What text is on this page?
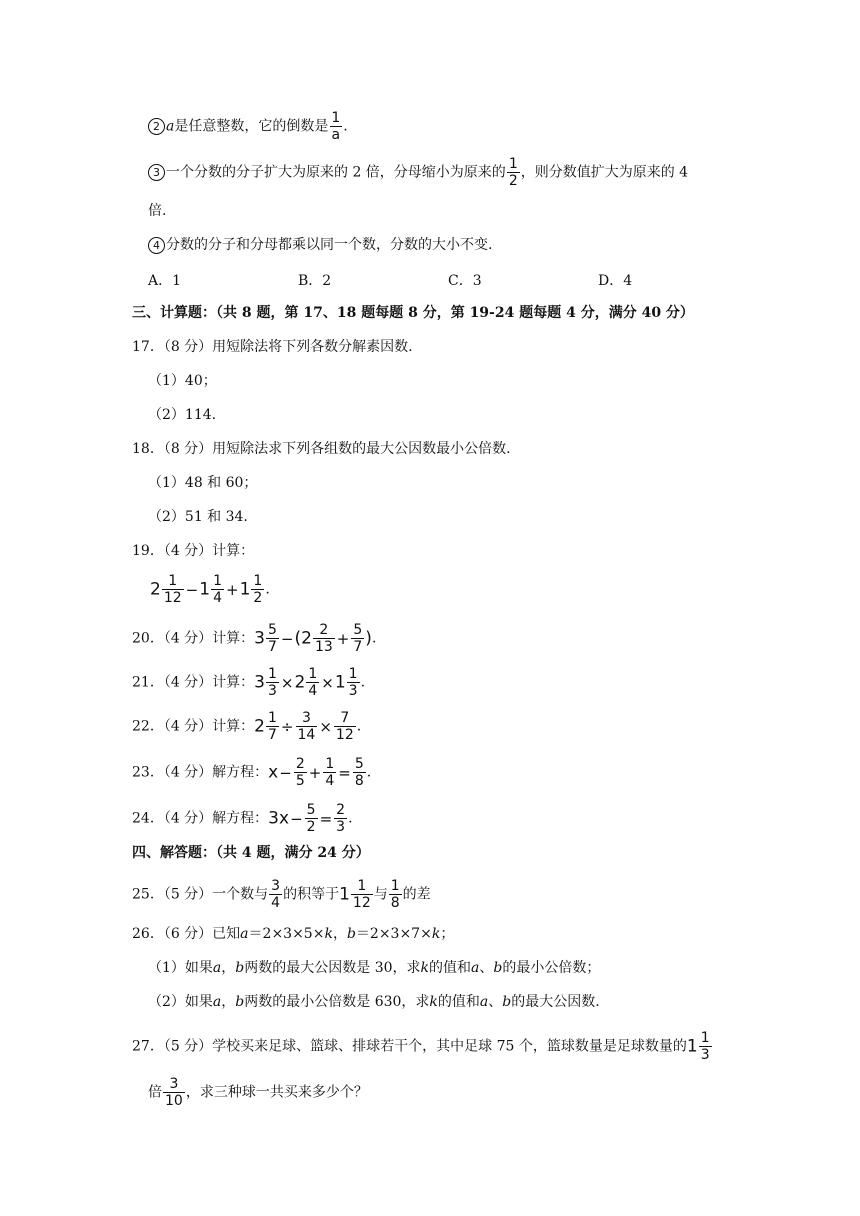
2 a是任意整数，它的倒数是 $\frac{1}{a}$ .
3 一个分数的分子扩大为原来的 2 倍，分母缩小为原来的 $\frac{1}{2}$ ，则分数值扩大为原来的 4
倍.
4 分数的分子和分母都乘以同一个数，分数的大小不变.
A．1	B．2	C．3	D．4
三、计算题：（共 8 题，第 17、18 题每题 8 分，第 19-24 题每题 4 分，满分 40 分）
17．（8 分）用短除法将下列各数分解素因数.
（1）40；
（2）114.
18．（8 分）用短除法求下列各组数的最大公因数最小公倍数.
（1）48 和 60；
（2）51 和 34.
19．（4 分）计算：
$2 \frac{1}{12} -1 \frac{1}{4} +1 \frac{1}{2}$ .
20．（4 分）计算：$3 \frac{5}{7} -(2 \frac{2}{13} + \frac{5}{7}$ ).
21．（4 分）计算：$3 \frac{1}{3} \times 2 \frac{1}{4} \times 1 \frac{1}{3}$ .
22．（4 分）计算：$2 \frac{1}{7} \div \frac{3}{14} \times \frac{7}{12}$ .
23．（4 分）解方程：$x- \frac{2}{5} + \frac{1}{4} = \frac{5}{8}$ .
24．（4 分）解方程：$3x- \frac{5}{2} = \frac{2}{3}$ .
四、解答题：（共 4 题，满分 24 分）
25．（5 分）一个数与 $\frac{3}{4}$ 的积等于$1 \frac{1}{12}$ 与 $\frac{1}{8}$ 的差
26．（6 分）已知a＝2×3×5×k，b＝2×3×7×k；
（1）如果a，b两数的最大公因数是 30，求k的值和a、b的最小公倍数；
（2）如果a，b两数的最小公倍数是 630，求k的值和a、b的最大公因数.
27．（5 分）学校买来足球、篮球、排球若干个，其中足球 75 个，篮球数量是足球数量的$1 \frac{1}{3}$
倍 $\frac{3}{10}$ ，求三种球一共买来多少个？
